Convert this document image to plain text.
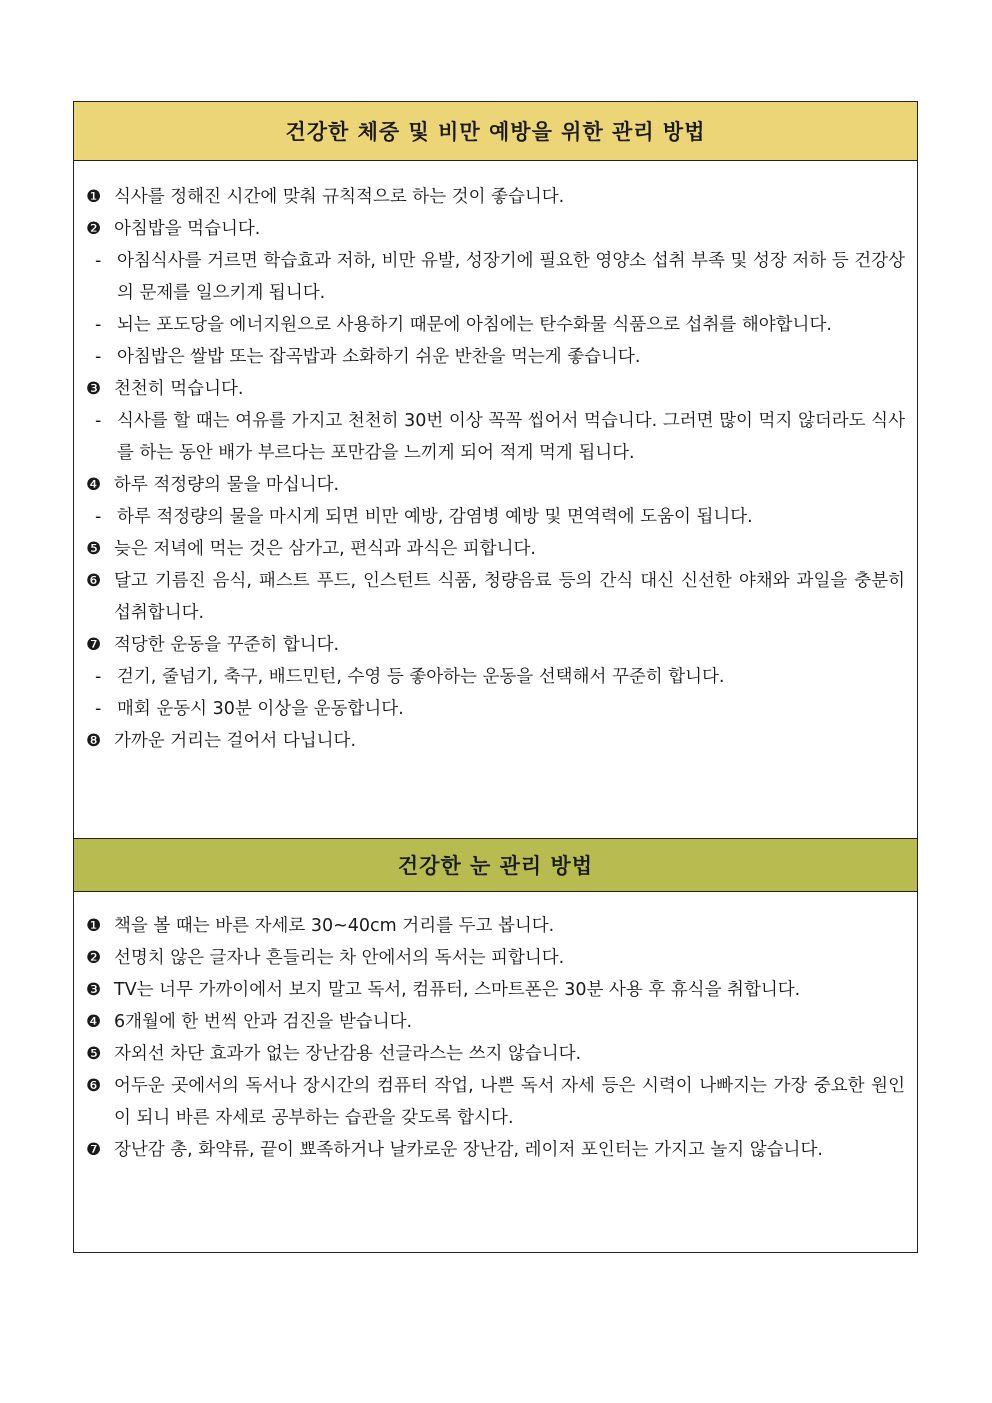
건강한 체중 및 비만 예방을 위한 관리 방법
❶ 식사를 정해진 시간에 맞춰 규칙적으로 하는 것이 좋습니다.
❷ 아침밥을 먹습니다.
- 아침식사를 거르면 학습효과 저하, 비만 유발, 성장기에 필요한 영양소 섭취 부족 및 성장 저하 등 건강상의 문제를 일으키게 됩니다.
- 뇌는 포도당을 에너지원으로 사용하기 때문에 아침에는 탄수화물 식품으로 섭취를 해야합니다.
- 아침밥은 쌀밥 또는 잡곡밥과 소화하기 쉬운 반찬을 먹는게 좋습니다.
❸ 천천히 먹습니다.
- 식사를 할 때는 여유를 가지고 천천히 30번 이상 꼭꼭 씹어서 먹습니다. 그러면 많이 먹지 않더라도 식사를 하는 동안 배가 부르다는 포만감을 느끼게 되어 적게 먹게 됩니다.
❹ 하루 적정량의 물을 마십니다.
- 하루 적정량의 물을 마시게 되면 비만 예방, 감염병 예방 및 면역력에 도움이 됩니다.
❺ 늦은 저녁에 먹는 것은 삼가고, 편식과 과식은 피합니다.
❻ 달고 기름진 음식, 패스트 푸드, 인스턴트 식품, 청량음료 등의 간식 대신 신선한 야채와 과일을 충분히 섭취합니다.
❼ 적당한 운동을 꾸준히 합니다.
- 걷기, 줄넘기, 축구, 배드민턴, 수영 등 좋아하는 운동을 선택해서 꾸준히 합니다.
- 매회 운동시 30분 이상을 운동합니다.
❽ 가까운 거리는 걸어서 다닙니다.
건강한 눈 관리 방법
❶ 책을 볼 때는 바른 자세로 30~40cm 거리를 두고 봅니다.
❷ 선명치 않은 글자나 흔들리는 차 안에서의 독서는 피합니다.
❸ TV는 너무 가까이에서 보지 말고 독서, 컴퓨터, 스마트폰은 30분 사용 후 휴식을 취합니다.
❹ 6개월에 한 번씩 안과 검진을 받습니다.
❺ 자외선 차단 효과가 없는 장난감용 선글라스는 쓰지 않습니다.
❻ 어두운 곳에서의 독서나 장시간의 컴퓨터 작업, 나쁜 독서 자세 등은 시력이 나빠지는 가장 중요한 원인이 되니 바른 자세로 공부하는 습관을 갖도록 합시다.
❼ 장난감 총, 화약류, 끝이 뾰족하거나 날카로운 장난감, 레이저 포인터는 가지고 놀지 않습니다.
